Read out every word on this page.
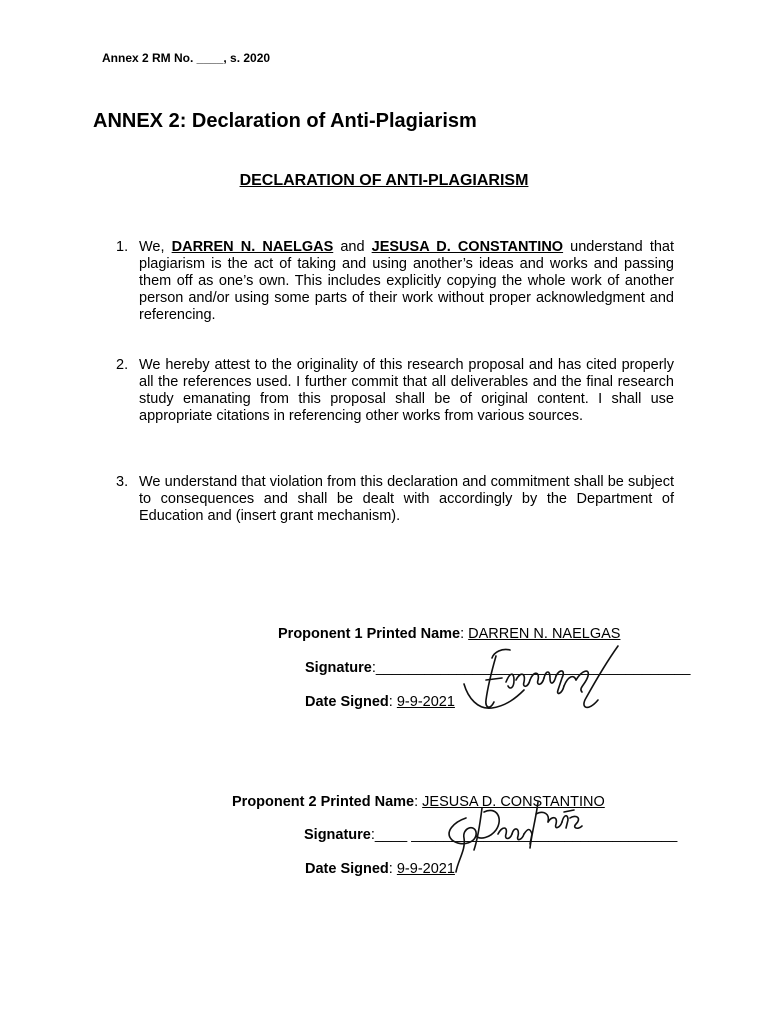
Annex 2 RM No. ____, s. 2020
ANNEX 2: Declaration of Anti-Plagiarism
DECLARATION OF ANTI-PLAGIARISM
1. We, DARREN N. NAELGAS and JESUSA D. CONSTANTINO understand that plagiarism is the act of taking and using another’s ideas and works and passing them off as one’s own. This includes explicitly copying the whole work of another person and/or using some parts of their work without proper acknowledgment and referencing.
2. We hereby attest to the originality of this research proposal and has cited properly all the references used. I further commit that all deliverables and the final research study emanating from this proposal shall be of original content. I shall use appropriate citations in referencing other works from various sources.
3. We understand that violation from this declaration and commitment shall be subject to consequences and shall be dealt with accordingly by the Department of Education and (insert grant mechanism).
Proponent 1 Printed Name: DARREN N. NAELGAS
Signature:_______________________________________
Date Signed: 9-9-2021
Proponent 2 Printed Name: JESUSA D. CONSTANTINO
Signature:____ _________________________________
Date Signed: 9-9-2021
